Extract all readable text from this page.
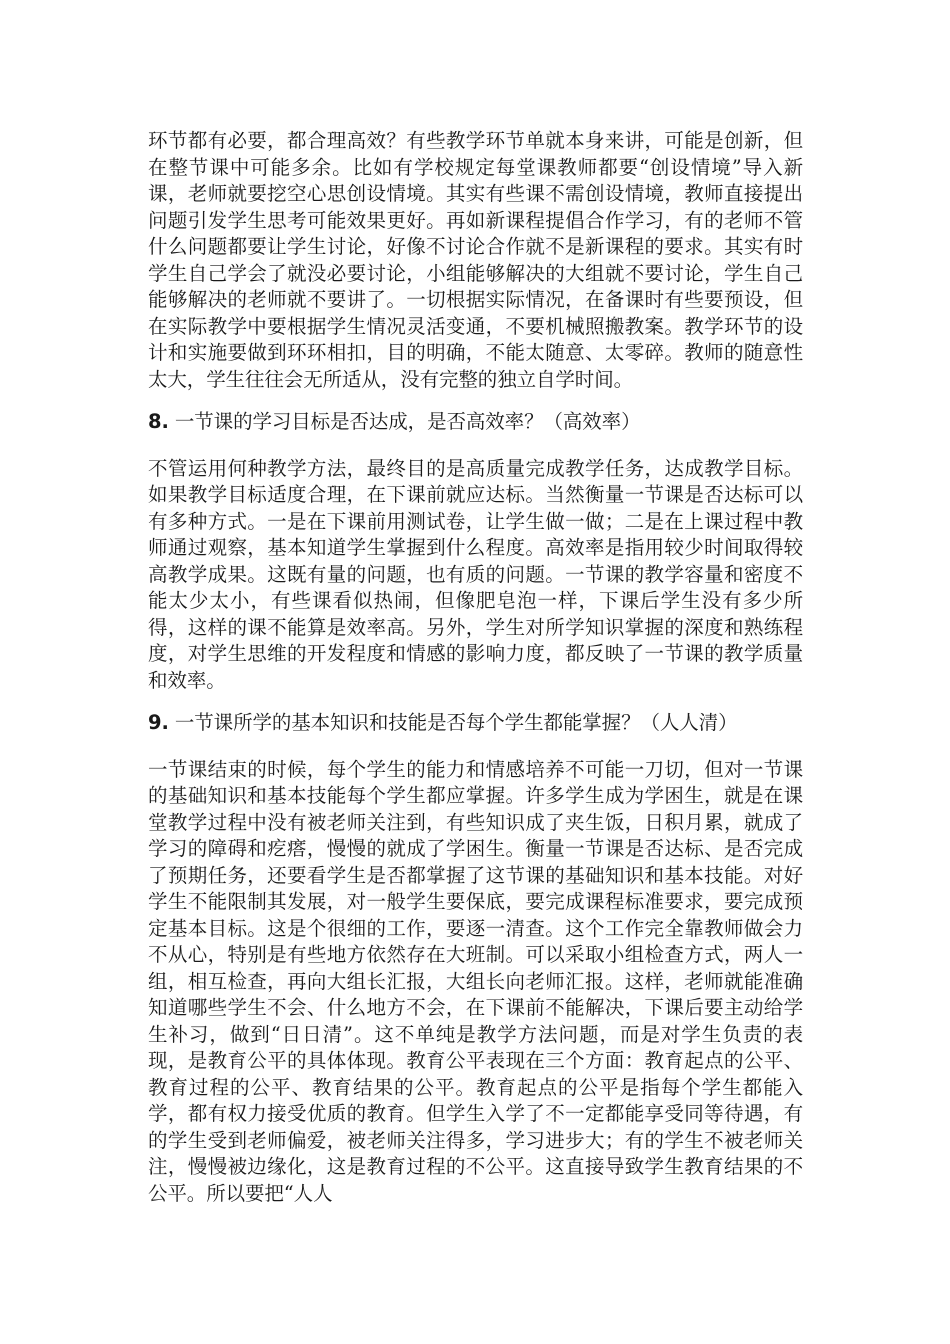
环节都有必要，都合理高效？有些教学环节单就本身来讲，可能是创新，但在整节课中可能多余。比如有学校规定每堂课教师都要“创设情境”导入新课，老师就要挖空心思创设情境。其实有些课不需创设情境，教师直接提出问题引发学生思考可能效果更好。再如新课程提倡合作学习，有的老师不管什么问题都要让学生讨论，好像不讨论合作就不是新课程的要求。其实有时学生自己学会了就没必要讨论，小组能够解决的大组就不要讨论，学生自己能够解决的老师就不要讲了。一切根据实际情况，在备课时有些要预设，但在实际教学中要根据学生情况灵活变通，不要机械照搬教案。教学环节的设计和实施要做到环环相扣，目的明确，不能太随意、太零碎。教师的随意性太大，学生往往会无所适从，没有完整的独立自学时间。

8. 一节课的学习目标是否达成，是否高效率？（高效率）

不管运用何种教学方法，最终目的是高质量完成教学任务，达成教学目标。如果教学目标适度合理，在下课前就应达标。当然衡量一节课是否达标可以有多种方式。一是在下课前用测试卷，让学生做一做；二是在上课过程中教师通过观察，基本知道学生掌握到什么程度。高效率是指用较少时间取得较高教学成果。这既有量的问题，也有质的问题。一节课的教学容量和密度不能太少太小，有些课看似热闹，但像肥皂泡一样，下课后学生没有多少所得，这样的课不能算是效率高。另外，学生对所学知识掌握的深度和熟练程度，对学生思维的开发程度和情感的影响力度，都反映了一节课的教学质量和效率。

9. 一节课所学的基本知识和技能是否每个学生都能掌握？（人人清）

一节课结束的时候，每个学生的能力和情感培养不可能一刀切，但对一节课的基础知识和基本技能每个学生都应掌握。许多学生成为学困生，就是在课堂教学过程中没有被老师关注到，有些知识成了夹生饭，日积月累，就成了学习的障碍和疙瘩，慢慢的就成了学困生。衡量一节课是否达标、是否完成了预期任务，还要看学生是否都掌握了这节课的基础知识和基本技能。对好学生不能限制其发展，对一般学生要保底，要完成课程标准要求，要完成预定基本目标。这是个很细的工作，要逐一清查。这个工作完全靠教师做会力不从心，特别是有些地方依然存在大班制。可以采取小组检查方式，两人一组，相互检查，再向大组长汇报，大组长向老师汇报。这样，老师就能准确知道哪些学生不会、什么地方不会，在下课前不能解决，下课后要主动给学生补习，做到“日日清”。这不单纯是教学方法问题，而是对学生负责的表现，是教育公平的具体体现。教育公平表现在三个方面：教育起点的公平、教育过程的公平、教育结果的公平。教育起点的公平是指每个学生都能入学，都有权力接受优质的教育。但学生入学了不一定都能享受同等待遇，有的学生受到老师偏爱，被老师关注得多，学习进步大；有的学生不被老师关注，慢慢被边缘化，这是教育过程的不公平。这直接导致学生教育结果的不公平。所以要把“人人
